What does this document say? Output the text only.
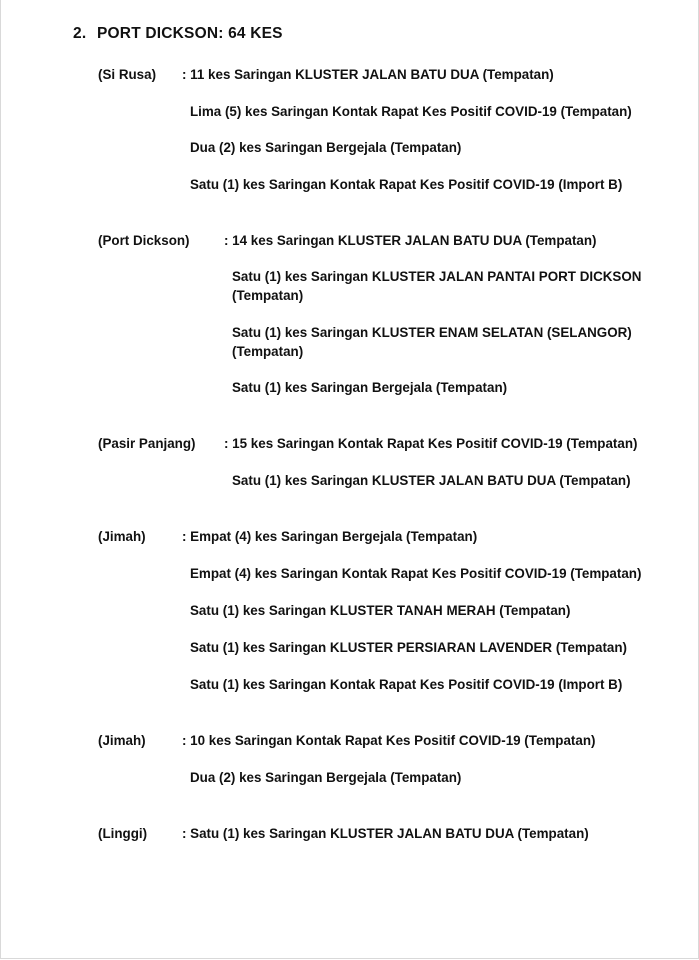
2. PORT DICKSON: 64 KES
(Si Rusa) : 11 kes Saringan KLUSTER JALAN BATU DUA (Tempatan)
Lima (5) kes Saringan Kontak Rapat Kes Positif COVID-19 (Tempatan)
Dua (2) kes Saringan Bergejala (Tempatan)
Satu (1) kes Saringan Kontak Rapat Kes Positif COVID-19 (Import B)
(Port Dickson)	: 14 kes Saringan KLUSTER JALAN BATU DUA (Tempatan)
Satu (1) kes Saringan KLUSTER JALAN PANTAI PORT DICKSON (Tempatan)
Satu (1) kes Saringan KLUSTER ENAM SELATAN (SELANGOR) (Tempatan)
Satu (1) kes Saringan Bergejala (Tempatan)
(Pasir Panjang) : 15 kes Saringan Kontak Rapat Kes Positif COVID-19 (Tempatan)
Satu (1) kes Saringan KLUSTER JALAN BATU DUA (Tempatan)
(Jimah)	: Empat (4) kes Saringan Bergejala (Tempatan)
Empat (4) kes Saringan Kontak Rapat Kes Positif COVID-19 (Tempatan)
Satu (1) kes Saringan KLUSTER TANAH MERAH (Tempatan)
Satu (1) kes Saringan KLUSTER PERSIARAN LAVENDER (Tempatan)
Satu (1) kes Saringan Kontak Rapat Kes Positif COVID-19 (Import B)
(Jimah)	: 10 kes Saringan Kontak Rapat Kes Positif COVID-19 (Tempatan)
Dua (2) kes Saringan Bergejala (Tempatan)
(Linggi)	: Satu (1) kes Saringan KLUSTER JALAN BATU DUA (Tempatan)
